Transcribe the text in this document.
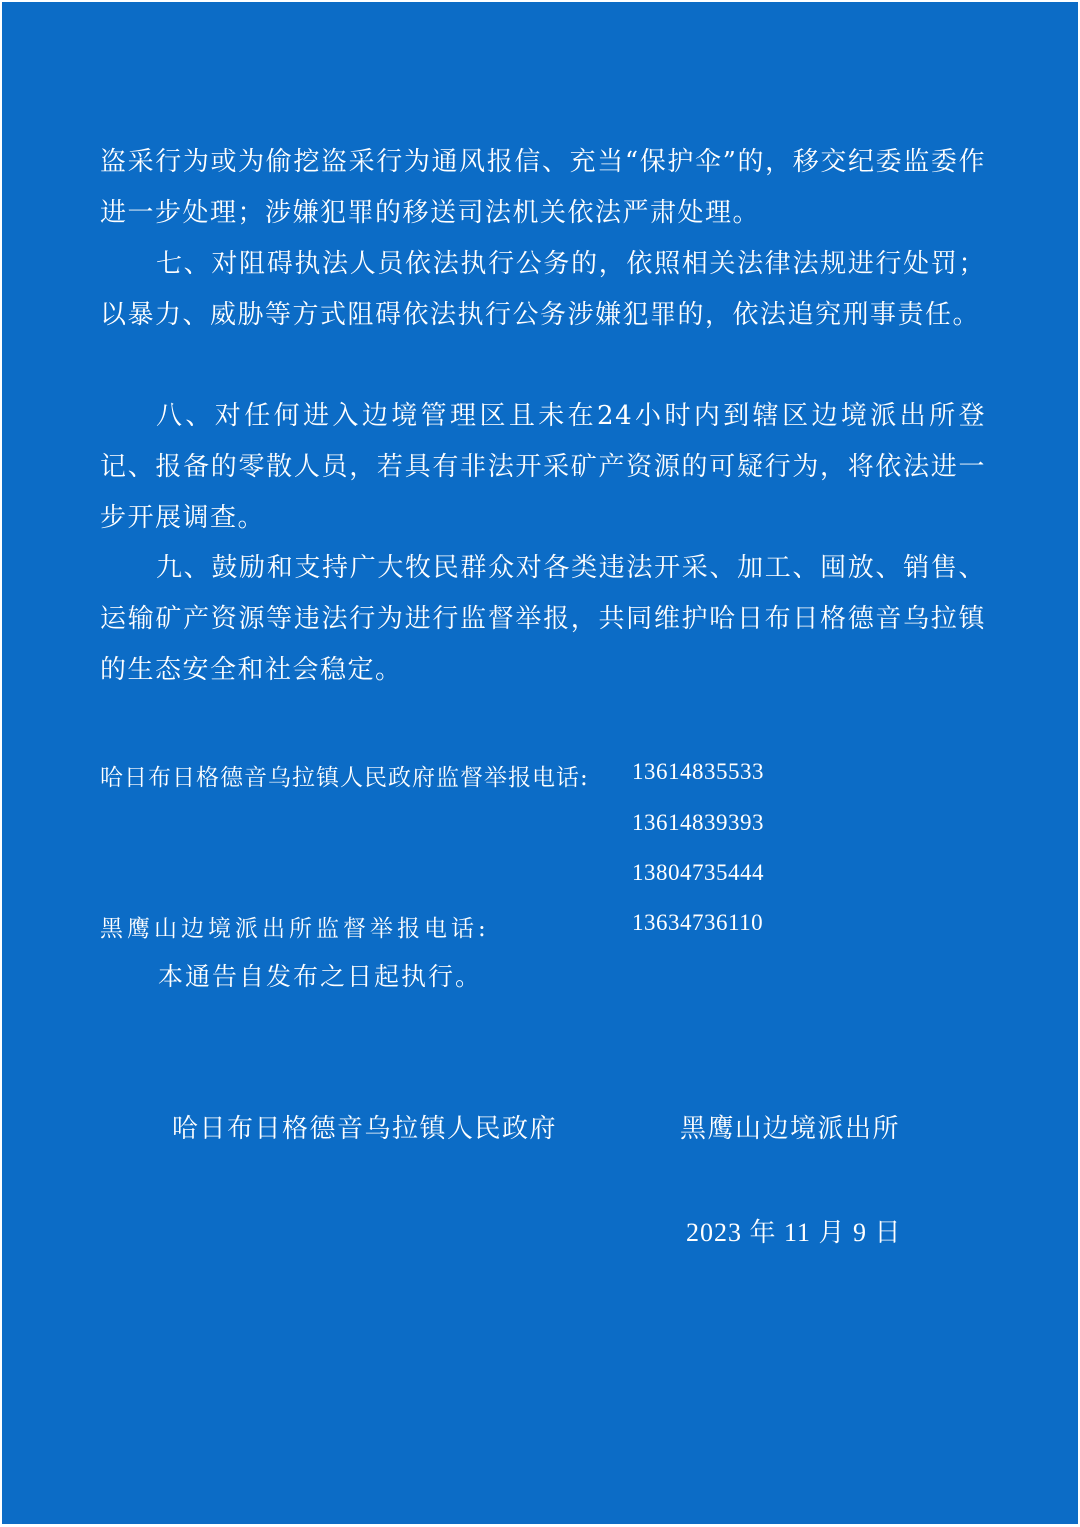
盗采行为或为偷挖盗采行为通风报信、充当“保护伞”的，移交纪委监委作进一步处理；涉嫌犯罪的移送司法机关依法严肃处理。

七、对阻碍执法人员依法执行公务的，依照相关法律法规进行处罚；以暴力、威胁等方式阻碍依法执行公务涉嫌犯罪的，依法追究刑事责任。

八、对任何进入边境管理区且未在24小时内到辖区边境派出所登记、报备的零散人员，若具有非法开采矿产资源的可疑行为，将依法进一步开展调查。

九、鼓励和支持广大牧民群众对各类违法开采、加工、囤放、销售、运输矿产资源等违法行为进行监督举报，共同维护哈日布日格德音乌拉镇的生态安全和社会稳定。

哈日布日格德音乌拉镇人民政府监督举报电话: 13614835533
13614839393
13804735444
黑鹰山边境派出所监督举报电话:	13634736110
本通告自发布之日起执行。
哈日布日格德音乌拉镇人民政府	黑鹰山边境派出所
2023 年 11 月 9 日
